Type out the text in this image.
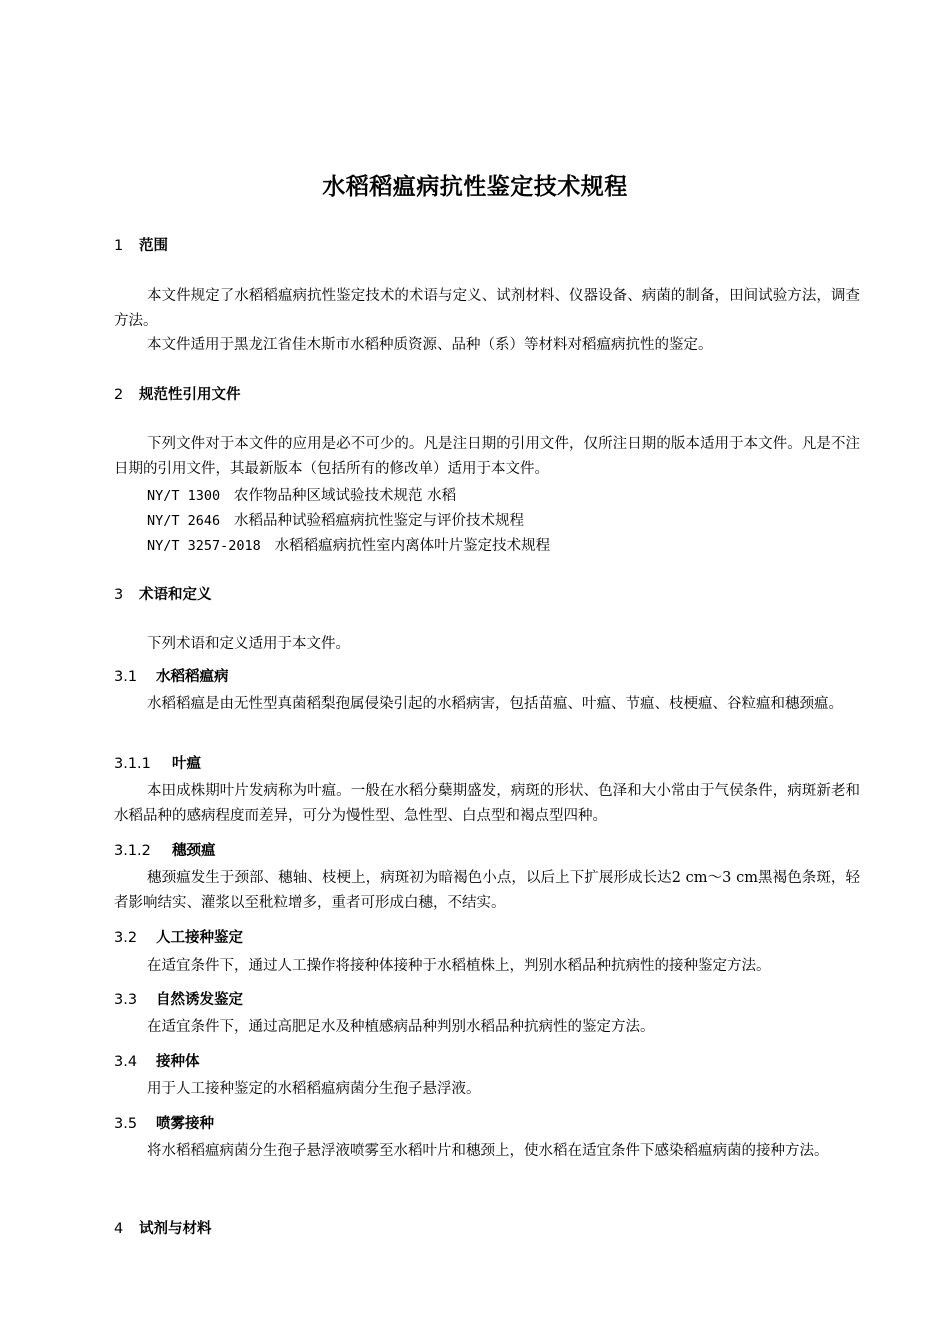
水稻稻瘟病抗性鉴定技术规程
1 范围
本文件规定了水稻稻瘟病抗性鉴定技术的术语与定义、试剂材料、仪器设备、病菌的制备，田间试验方法，调查方法。
本文件适用于黑龙江省佳木斯市水稻种质资源、品种（系）等材料对稻瘟病抗性的鉴定。
2 规范性引用文件
下列文件对于本文件的应用是必不可少的。凡是注日期的引用文件，仅所注日期的版本适用于本文件。凡是不注日期的引用文件，其最新版本（包括所有的修改单）适用于本文件。
NY/T 1300 农作物品种区域试验技术规范 水稻
NY/T 2646 水稻品种试验稻瘟病抗性鉴定与评价技术规程
NY/T 3257-2018 水稻稻瘟病抗性室内离体叶片鉴定技术规程
3 术语和定义
下列术语和定义适用于本文件。
3.1 水稻稻瘟病
水稻稻瘟是由无性型真菌稻梨孢属侵染引起的水稻病害，包括苗瘟、叶瘟、节瘟、枝梗瘟、谷粒瘟和穗颈瘟。
3.1.1 叶瘟
本田成株期叶片发病称为叶瘟。一般在水稻分蘖期盛发，病斑的形状、色泽和大小常由于气侯条件，病斑新老和水稻品种的感病程度而差异，可分为慢性型、急性型、白点型和褐点型四种。
3.1.2 穗颈瘟
穗颈瘟发生于颈部、穗轴、枝梗上，病斑初为暗褐色小点，以后上下扩展形成长达2 cm～3 cm黑褐色条斑，轻者影响结实、灌浆以至秕粒增多，重者可形成白穗，不结实。
3.2 人工接种鉴定
在适宜条件下，通过人工操作将接种体接种于水稻植株上，判别水稻品种抗病性的接种鉴定方法。
3.3 自然诱发鉴定
在适宜条件下，通过高肥足水及种植感病品种判别水稻品种抗病性的鉴定方法。
3.4 接种体
用于人工接种鉴定的水稻稻瘟病菌分生孢子悬浮液。
3.5 喷雾接种
将水稻稻瘟病菌分生孢子悬浮液喷雾至水稻叶片和穗颈上，使水稻在适宜条件下感染稻瘟病菌的接种方法。
4 试剂与材料
